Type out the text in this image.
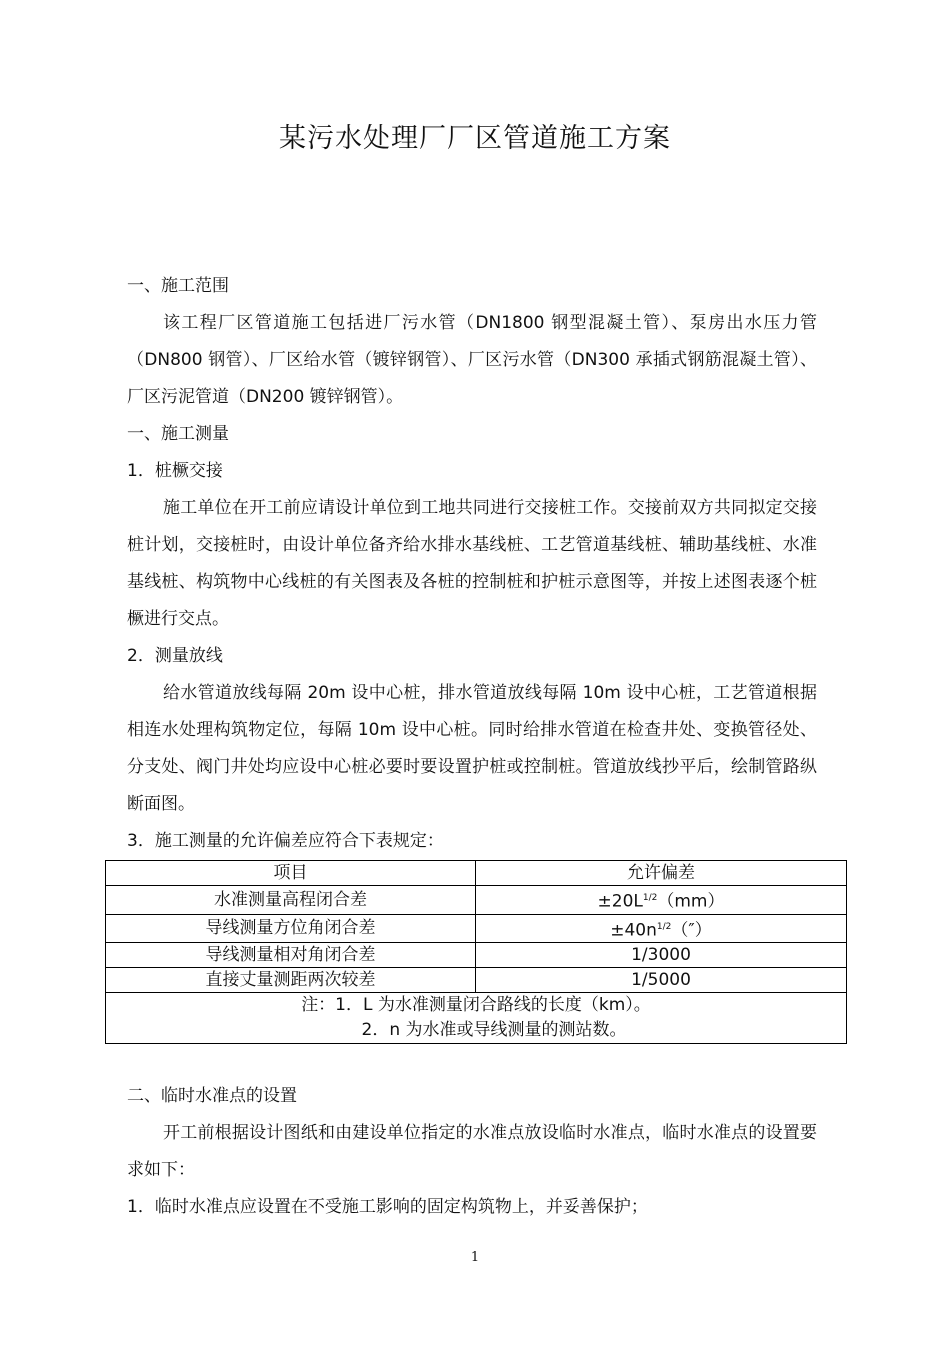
某污水处理厂厂区管道施工方案

一、施工范围

该工程厂区管道施工包括进厂污水管（DN1800 钢型混凝土管）、泵房出水压力管（DN800 钢管）、厂区给水管（镀锌钢管）、厂区污水管（DN300 承插式钢筋混凝土管）、厂区污泥管道（DN200 镀锌钢管）。

一、施工测量

1．桩橛交接

施工单位在开工前应请设计单位到工地共同进行交接桩工作。交接前双方共同拟定交接桩计划，交接桩时，由设计单位备齐给水排水基线桩、工艺管道基线桩、辅助基线桩、水准基线桩、构筑物中心线桩的有关图表及各桩的控制桩和护桩示意图等，并按上述图表逐个桩橛进行交点。

2．测量放线

给水管道放线每隔 20m 设中心桩，排水管道放线每隔 10m 设中心桩，工艺管道根据相连水处理构筑物定位，每隔 10m 设中心桩。同时给排水管道在检查井处、变换管径处、分支处、阀门井处均应设中心桩必要时要设置护桩或控制桩。管道放线抄平后，绘制管路纵断面图。

3．施工测量的允许偏差应符合下表规定：

项目	允许偏差
水准测量高程闭合差	$\pm 20L^{1/2}(mm)$
导线测量方位角闭合差	$\pm 40n^{1/2}('')$
导线测量相对角闭合差	1/3000
直接丈量测距两次较差	1/5000

注：1．L 为水准测量闭合路线的长度（km）。
2．n 为水准或导线测量的测站数。	

二、临时水准点的设置

开工前根据设计图纸和由建设单位指定的水准点放设临时水准点，临时水准点的设置要求如下：

1．临时水准点应设置在不受施工影响的固定构筑物上，并妥善保护；

1
